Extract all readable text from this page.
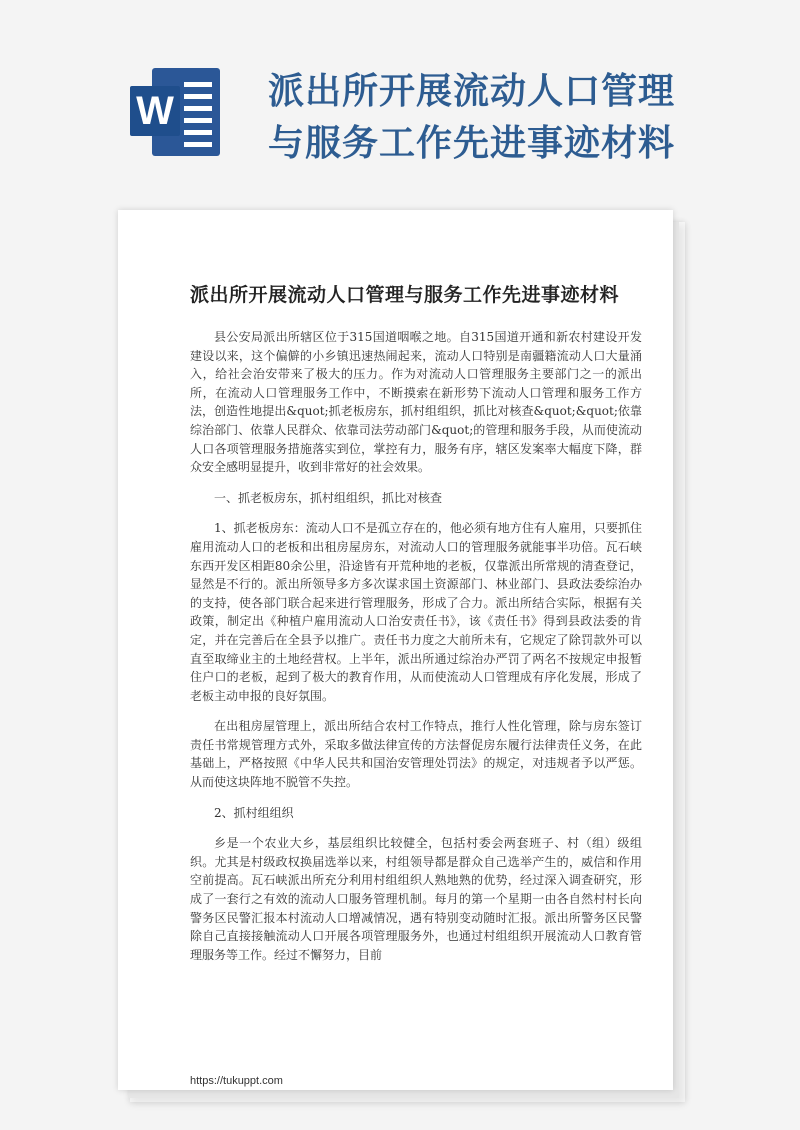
W	派出所开展流动人口管理与服务工作先进事迹材料
派出所开展流动人口管理与服务工作先进事迹材料

县公安局派出所辖区位于315国道咽喉之地。自315国道开通和新农村建设开发建设以来，这个偏僻的小乡镇迅速热闹起来，流动人口特别是南疆籍流动人口大量涌入，给社会治安带来了极大的压力。作为对流动人口管理服务主要部门之一的派出所，在流动人口管理服务工作中，不断摸索在新形势下流动人口管理和服务工作方法，创造性地提出&quot;抓老板房东，抓村组组织，抓比对核查&quot;&quot;依靠综治部门、依靠人民群众、依靠司法劳动部门&quot;的管理和服务手段，从而使流动人口各项管理服务措施落实到位，掌控有力，服务有序，辖区发案率大幅度下降，群众安全感明显提升，收到非常好的社会效果。

一、抓老板房东，抓村组组织，抓比对核查

1、抓老板房东：流动人口不是孤立存在的，他必须有地方住有人雇用，只要抓住雇用流动人口的老板和出租房屋房东，对流动人口的管理服务就能事半功倍。瓦石峡东西开发区相距80余公里，沿途皆有开荒种地的老板，仅靠派出所常规的清查登记，显然是不行的。派出所领导多方多次谋求国土资源部门、林业部门、县政法委综治办的支持，使各部门联合起来进行管理服务，形成了合力。派出所结合实际，根据有关政策，制定出《种植户雇用流动人口治安责任书》，该《责任书》得到县政法委的肯定，并在完善后在全县予以推广。责任书力度之大前所未有，它规定了除罚款外可以直至取缔业主的土地经营权。上半年，派出所通过综治办严罚了两名不按规定申报暂住户口的老板，起到了极大的教育作用，从而使流动人口管理成有序化发展，形成了老板主动申报的良好氛围。

在出租房屋管理上，派出所结合农村工作特点，推行人性化管理，除与房东签订责任书常规管理方式外，采取多做法律宣传的方法督促房东履行法律责任义务，在此基础上，严格按照《中华人民共和国治安管理处罚法》的规定，对违规者予以严惩。从而使这块阵地不脱管不失控。

2、抓村组组织

乡是一个农业大乡，基层组织比较健全，包括村委会两套班子、村（组）级组织。尤其是村级政权换届选举以来，村组领导都是群众自己选举产生的，威信和作用空前提高。瓦石峡派出所充分利用村组组织人熟地熟的优势，经过深入调查研究，形成了一套行之有效的流动人口服务管理机制。每月的第一个星期一由各自然村村长向警务区民警汇报本村流动人口增减情况，遇有特别变动随时汇报。派出所警务区民警除自己直接接触流动人口开展各项管理服务外，也通过村组组织开展流动人口教育管理服务等工作。经过不懈努力，目前

https://tukuppt.com
